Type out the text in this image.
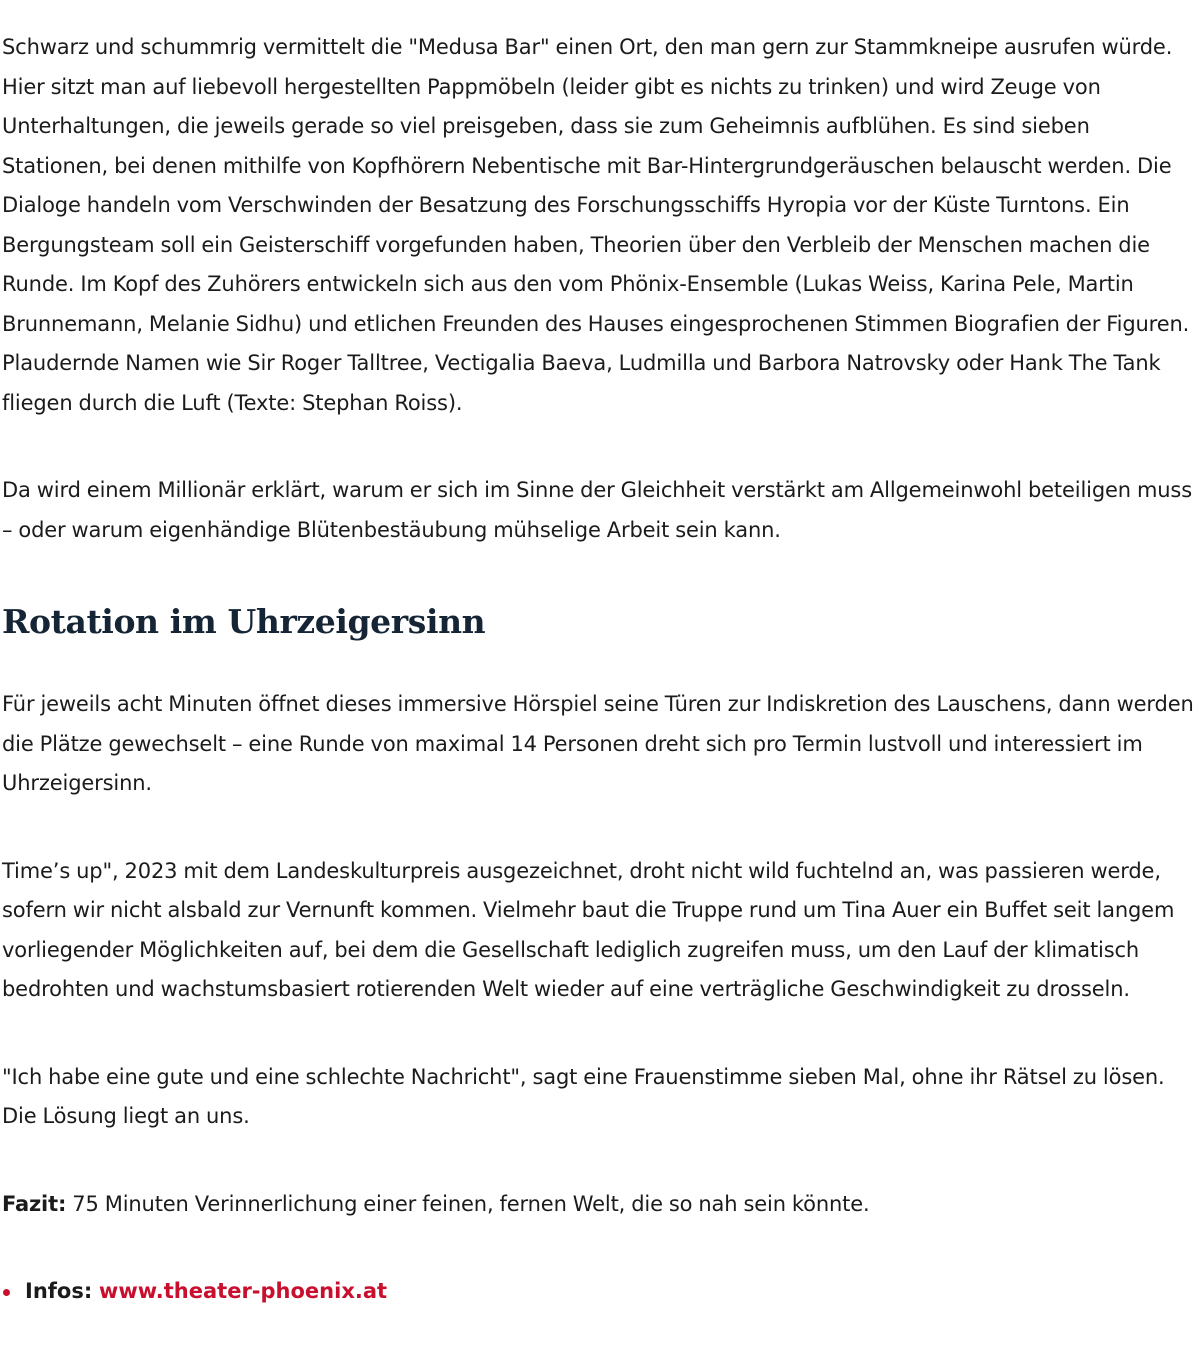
Schwarz und schummrig vermittelt die "Medusa Bar" einen Ort, den man gern zur Stammkneipe ausrufen würde. Hier sitzt man auf liebevoll hergestellten Pappmöbeln (leider gibt es nichts zu trinken) und wird Zeuge von Unterhaltungen, die jeweils gerade so viel preisgeben, dass sie zum Geheimnis aufblühen. Es sind sieben Stationen, bei denen mithilfe von Kopfhörern Nebentische mit Bar-Hintergrundgeräuschen belauscht werden. Die Dialoge handeln vom Verschwinden der Besatzung des Forschungsschiffs Hyropia vor der Küste Turntons. Ein Bergungsteam soll ein Geisterschiff vorgefunden haben, Theorien über den Verbleib der Menschen machen die Runde. Im Kopf des Zuhörers entwickeln sich aus den vom Phönix-Ensemble (Lukas Weiss, Karina Pele, Martin Brunnemann, Melanie Sidhu) und etlichen Freunden des Hauses eingesprochenen Stimmen Biografien der Figuren. Plaudernde Namen wie Sir Roger Talltree, Vectigalia Baeva, Ludmilla und Barbora Natrovsky oder Hank The Tank fliegen durch die Luft (Texte: Stephan Roiss).

Da wird einem Millionär erklärt, warum er sich im Sinne der Gleichheit verstärkt am Allgemeinwohl beteiligen muss – oder warum eigenhändige Blütenbestäubung mühselige Arbeit sein kann.

Rotation im Uhrzeigersinn

Für jeweils acht Minuten öffnet dieses immersive Hörspiel seine Türen zur Indiskretion des Lauschens, dann werden die Plätze gewechselt – eine Runde von maximal 14 Personen dreht sich pro Termin lustvoll und interessiert im Uhrzeigersinn.

Time’s up", 2023 mit dem Landeskulturpreis ausgezeichnet, droht nicht wild fuchtelnd an, was passieren werde, sofern wir nicht alsbald zur Vernunft kommen. Vielmehr baut die Truppe rund um Tina Auer ein Buffet seit langem vorliegender Möglichkeiten auf, bei dem die Gesellschaft lediglich zugreifen muss, um den Lauf der klimatisch bedrohten und wachstumsbasiert rotierenden Welt wieder auf eine verträgliche Geschwindigkeit zu drosseln.

"Ich habe eine gute und eine schlechte Nachricht", sagt eine Frauenstimme sieben Mal, ohne ihr Rätsel zu lösen. Die Lösung liegt an uns.

Fazit: 75 Minuten Verinnerlichung einer feinen, fernen Welt, die so nah sein könnte.

Infos: www.theater-phoenix.at
